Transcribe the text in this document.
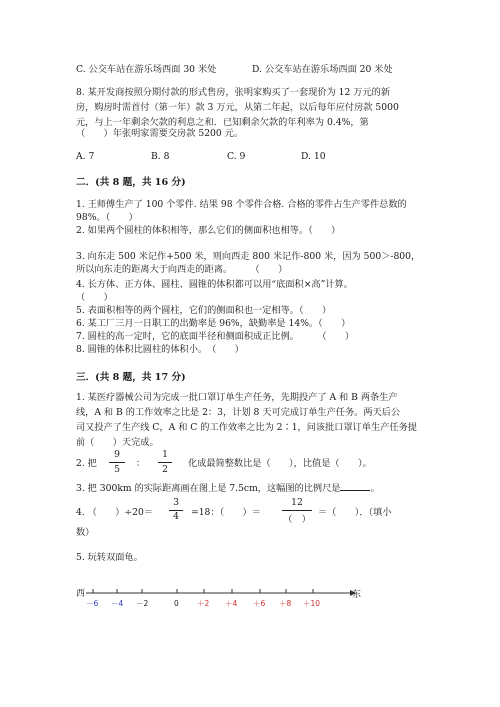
C. 公交车站在游乐场西面 30 米处	D. 公交车站在游乐场西面 20 米处
8. 某开发商按照分期付款的形式售房，张明家购买了一套现价为 12 万元的新
房，购房时需首付（第一年）款 3 万元，从第二年起，以后每年应付房款 5000
元，与上一年剩余欠款的利息之和．已知剩余欠款的年利率为 0.4%，第
（　　）年张明家需要交房款 5200 元。
A. 7	B. 8	C. 9	D. 10
二．(共 8 题，共 16 分)
1. 王师傅生产了 100 个零件. 结果 98 个零件合格. 合格的零件占生产零件总数的
98%。（　　）
2. 如果两个圆柱的体积相等，那么它们的侧面积也相等。（　　）
3. 向东走 500 米记作+500 米，则向西走 800 米记作-800 米，因为 500＞-800，
所以向东走的距离大于向西走的距离。　　　（　　）
4. 长方体、正方体、圆柱、圆锥的体积都可以用“底面积×高”计算。
（　　）
5. 表面积相等的两个圆柱，它们的侧面积也一定相等。（　　）
6. 某工厂三月一日职工的出勤率是 96%，缺勤率是 14%。（　　）
7. 圆柱的高一定时，它的底面半径和侧面积成正比例。　　　（　　）
8. 圆锥的体积比圆柱的体积小。　（　　）
三．(共 8 题，共 17 分)
1. 某医疗器械公司为完成一批口罩订单生产任务，先期投产了 A 和 B 两条生产
线，A 和 B 的工作效率之比是 2：3，计划 8 天可完成订单生产任务。两天后公
司又投产了生产线 C，A 和 C 的工作效率之比为 2∶1，问该批口罩订单生产任务提
前（　　）天完成。
2. 把
9
5
：
1
2
化成最简整数比是（　　），比值是（　　）。
3. 把 300km 的实际距离画在图上是 7.5cm，这幅图的比例尺是	。
4. （　　）÷20＝
3
4	=18：（　　）＝
12
（　）
＝（　　）．（填小
数）
5. 玩转双面龟。
西	东
－6 －4 －2	0 ＋2 ＋4 ＋6 ＋8 ＋10
